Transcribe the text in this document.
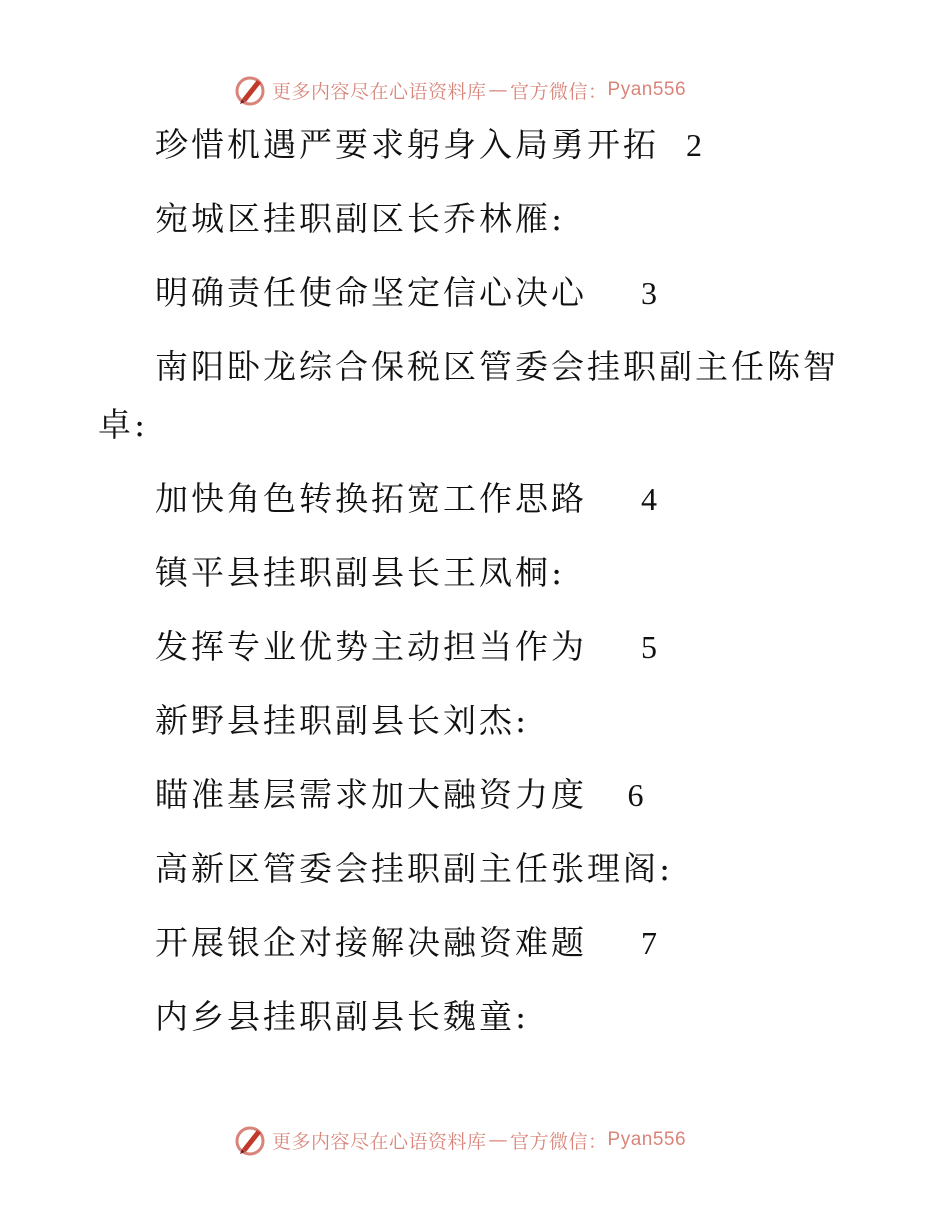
更多内容尽在心语资料库 — 官方微信： Pyan556
珍惜机遇严要求躬身入局勇开拓 2
宛城区挂职副区长乔林雁:
明确责任使命坚定信心决心 3
南阳卧龙综合保税区管委会挂职副主任陈智
卓:
加快角色转换拓宽工作思路 4
镇平县挂职副县长王凤桐:
发挥专业优势主动担当作为 5
新野县挂职副县长刘杰:
瞄准基层需求加大融资力度 6
高新区管委会挂职副主任张理阁:
开展银企对接解决融资难题 7
内乡县挂职副县长魏童:
更多内容尽在心语资料库 — 官方微信： Pyan556
